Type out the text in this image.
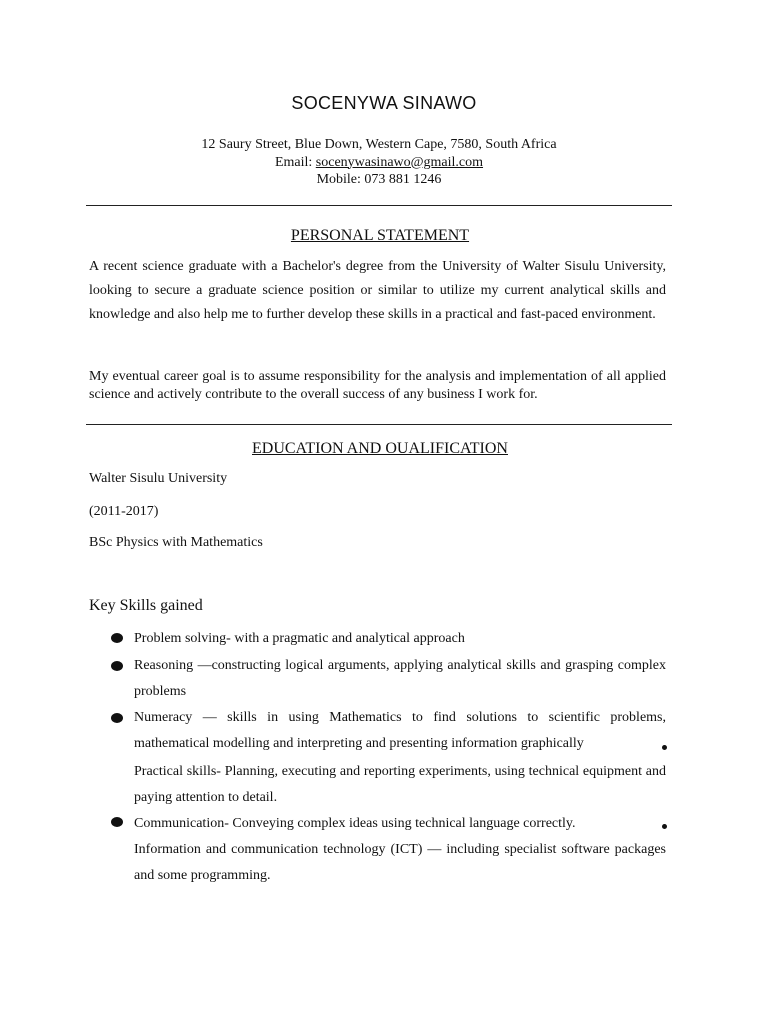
SOCENYWA SINAWO
12 Saury Street, Blue Down, Western Cape, 7580, South Africa
Email: socenywasinawo@gmail.com
Mobile: 073 881 1246
PERSONAL STATEMENT
A recent science graduate with a Bachelor's degree from the University of Walter Sisulu University, looking to secure a graduate science position or similar to utilize my current analytical skills and knowledge and also help me to further develop these skills in a practical and fast-paced environment.
My eventual career goal is to assume responsibility for the analysis and implementation of all applied science and actively contribute to the overall success of any business I work for.
EDUCATION AND OUALIFICATION
Walter Sisulu University
(2011-2017)
BSc Physics with Mathematics
Key Skills gained
Problem solving- with a pragmatic and analytical approach
Reasoning —constructing logical arguments, applying analytical skills and grasping complex problems
Numeracy — skills in using Mathematics to find solutions to scientific problems, mathematical modelling and interpreting and presenting information graphically
Practical skills- Planning, executing and reporting experiments, using technical equipment and paying attention to detail.
Communication- Conveying complex ideas using technical language correctly.
Information and communication technology (ICT) — including specialist software packages and some programming.
